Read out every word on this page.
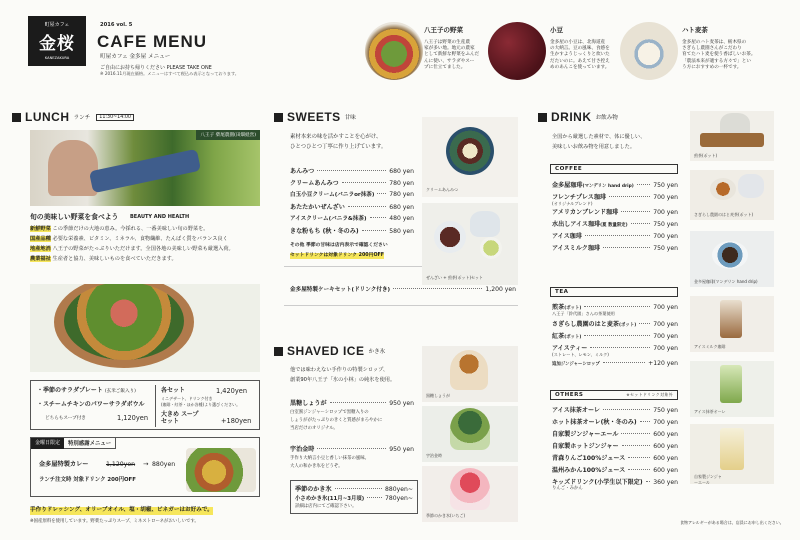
町屋カフェ
金桜
KANEZAKURA
2016 vol. 5
CAFE MENU
町屋カフェ 金多屋 メニュー
ご自由にお持ち帰りください PLEASE TAKE ONE
※ 2016.11月現在価格。メニューはすべて税込み表示となっております。
八王子の野菜
八王子は野菜の生産農
家が多い地。地元の農家
として新鮮な野菜をふんだ
んに使い、サラダやスー
プに仕立てました。
小豆
金多屋の小豆は、北海道産
の大納言。豆の風味、食感を
生かすようじっくりと炊いた
だたいのに。あえて甘さ控え
めのあんこを使っています。
ハト麦茶
金多屋のハト麦茶は、栃木県の
さぎらし農園さんがこだわり
育てたハト麦を使う香ばしいお茶。
「農法本来が適する方々で」とい
う方におすすめの一杯です。
LUNCH ランチ	11:30~14:00
八王子 柴尾農園(田畑経営)
旬の美味しい野菜を食べよう BEAUTY AND HEALTH
新鮮野菜 この季節だけの大地の恵み。今採れる、一番美味しい旬の野菜を。
国産品種 必要な栄養素、ビタミン、ミネラル、食物繊維、たんぱく質をバランス良く
地産地消 八王子の野菜がたっぷりいただけます。全国各地の美味しい野菜も厳選入荷。
農業福祉 生産者と協力、美味しいものを食べていただきます。
・季節のサラダプレート (玄米ご飯入り)
・スチームチキンのパワーサラダボウル
どちらもスープ付き	1,120yen
各セット	1,420yen
ミニデザート、ドリンク付き
(珈琲・紅茶・ほか各種)より選びください。
大きめ スープセット	+180yen
金曜日限定	特別感謝メニュー
金多屋特製カレー	1,120yen → 880yen
ランチ注文時 対象ドリンク 200円OFF
手作りドレッシング、オリーブオイル、塩・胡椒、ビネガーはお好みで。
※国産原料を使用しています。野菜たっぷりスープ、ミネストローネがおいしいです。
SWEETS 甘味
素材本来の味を活かすことを心がけ、
ひとつひとつ丁寧に作り上げています。
あんみつ	680 yen
クリームあんみつ	780 yen
白玉小豆クリーム(バニラor抹茶) 780 yen
あたたかいぜんざい	680 yen
アイスクリーム(バニラ&抹茶)	480 yen
きな粉もち (秋・冬のみ)	580 yen
その他 季節の甘味は店内表示で確認ください
セットドリンクは対象ドリンク 200円OFF
金多屋特製ケーキセット(ドリンク付き)	1,200 yen
クリームあんみつ
ぜんざい + 煎茶(ポット)セット
SHAVED ICE かき氷
他では味わえない手作りの特製シロップ、
創業90年八王子「氷の小林」の純氷を使用。
黒糖しょうが	950 yen
白室蜜ジンジャーシロップで黒糖入りの
しょうががたっぷりのきくと質感がまろやかに
当店だけのオリジナル。
宇治金時	950 yen
手作り大納言小豆と香しい抹茶の風味。
大人の和かき氷をどうぞ。
季節のかき氷	880yen~
小さめかき氷(11月~3月頃)	780yen~
詳細は店内にてご確認下さい。
黒糖しょうが
宇治金時
季節のかき氷(いちご)
DRINK お飲み物
全国から厳選した素材で、体に優しい、
美味しいお飲み物を用意しました。
COFFEE
金多屋珈琲 (マンデリン hand drip)	750 yen
フレンチプレス珈琲	700 yen
(オリジナルブレンド)
アメリカンブレンド珈琲	700 yen
水出しアイス珈琲 (夏 数量限定)	750 yen
アイス珈琲	700 yen
アイスミルク珈琲	750 yen
TEA
煎茶 (ポット)	700 yen
八王子「鈴代園」さんの茶葉使用
さぎらし農園のはと麦茶 (ポット)	700 yen
紅茶 (ポット)	700 yen
アイスティー	700 yen
(ストレート、レモン、ミルク)
追加ジンジャーシロップ	+120 yen
OTHERS	※セットドリンク対象外
アイス抹茶オーレ	750 yen
ホット抹茶オーレ(秋・冬のみ)	700 yen
自家製ジンジャーエール	600 yen
自家製ホットジンジャー	600 yen
青森りんご100%ジュース	600 yen
温州みかん100%ジュース	600 yen
キッズドリンク(小学生以下限定) 360 yen
りんご・みかん
食物アレルギーがある場合は、店員にお申し出ください。
煎茶(ポット)
さぎらし農園のはと麦茶(ポット)
金多屋珈琲(マンデリン hand drip)
アイスミルク珈琲
アイス抹茶オーレ
自家製ジンジャーエール
